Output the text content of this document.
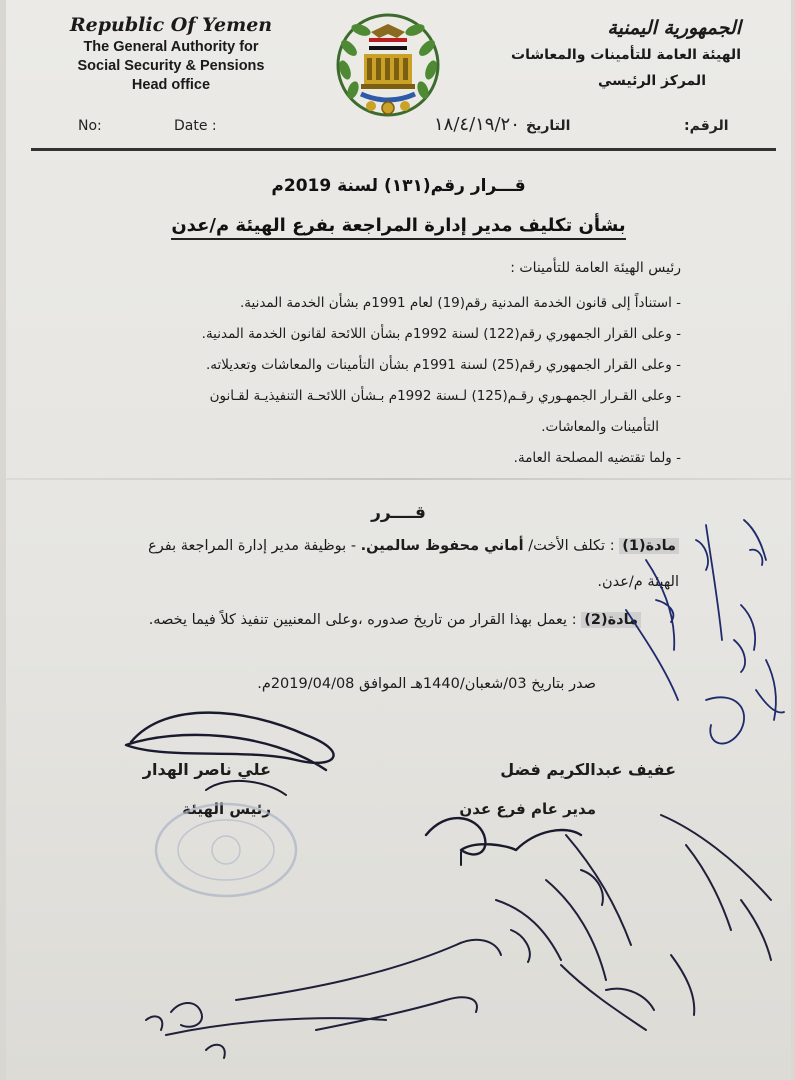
Republic Of Yemen
The General Authority for
Social Security & Pensions
Head office
الجمهورية اليمنية
الهيئة العامة للتأمينات والمعاشات
المركز الرئيسي
No:	Date :	١٨/٤/١٩/٢٠ التاريخ	الرقم:
قـــرار رقم(١٣١) لسنة 2019م
بشأن تكليف مدير إدارة المراجعة بفرع الهيئة م/عدن
رئيس الهيئة العامة للتأمينات :
- استناداً إلى قانون الخدمة المدنية رقم(19) لعام 1991م بشأن الخدمة المدنية.
- وعلى القرار الجمهوري رقم(122) لسنة 1992م بشأن اللائحة لقانون الخدمة المدنية.
- وعلى القرار الجمهوري رقم(25) لسنة 1991م بشأن التأمينات والمعاشات وتعديلاته.
- وعلى القـرار الجمهـوري رقـم(125) لـسنة 1992م بـشأن اللائحـة التنفيذيـة لقـانون
التأمينات والمعاشات.
- ولما تقتضيه المصلحة العامة.
قــــرر
مادة(1) : تكلف الأخت/ أماني محفوظ سالمين. - بوظيفة مدير إدارة المراجعة بفرع
الهيئة م/عدن.
مادة(2) : يعمل بهذا القرار من تاريخ صدوره ،وعلى المعنيين تنفيذ كلاً فيما يخصه.
صدر بتاريخ 03/شعبان/1440هـ الموافق 2019/04/08م.
علي ناصر الهدار
رئيس الهيئة
عفيف عبدالكريم فضل
مدير عام فرع عدن
